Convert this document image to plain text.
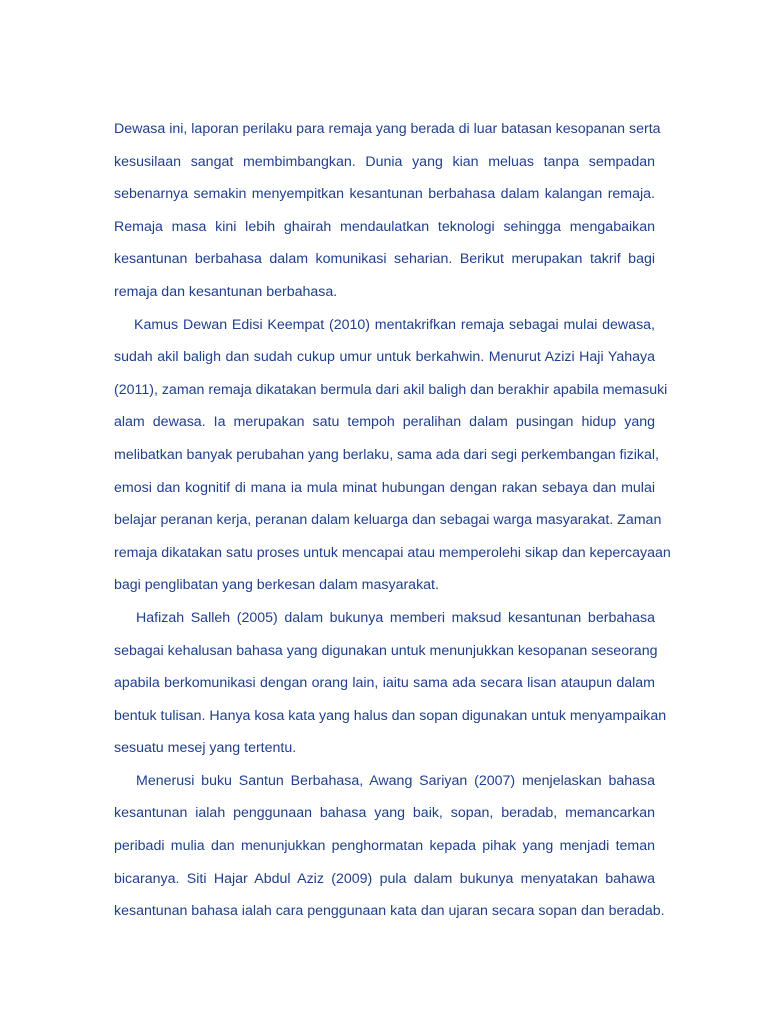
Dewasa ini, laporan perilaku para remaja yang berada di luar batasan kesopanan serta
kesusilaan sangat membimbangkan. Dunia yang kian meluas tanpa sempadan
sebenarnya semakin menyempitkan kesantunan berbahasa dalam kalangan remaja.
Remaja masa kini lebih ghairah mendaulatkan teknologi sehingga mengabaikan
kesantunan berbahasa dalam komunikasi seharian. Berikut merupakan takrif bagi
remaja dan kesantunan berbahasa.
Kamus Dewan Edisi Keempat (2010) mentakrifkan remaja sebagai mulai dewasa,
sudah akil baligh dan sudah cukup umur untuk berkahwin. Menurut Azizi Haji Yahaya
(2011), zaman remaja dikatakan bermula dari akil baligh dan berakhir apabila memasuki
alam dewasa. Ia merupakan satu tempoh peralihan dalam pusingan hidup yang
melibatkan banyak perubahan yang berlaku, sama ada dari segi perkembangan fizikal,
emosi dan kognitif di mana ia mula minat hubungan dengan rakan sebaya dan mulai
belajar peranan kerja, peranan dalam keluarga dan sebagai warga masyarakat. Zaman
remaja dikatakan satu proses untuk mencapai atau memperolehi sikap dan kepercayaan
bagi penglibatan yang berkesan dalam masyarakat.
Hafizah Salleh (2005) dalam bukunya memberi maksud kesantunan berbahasa
sebagai kehalusan bahasa yang digunakan untuk menunjukkan kesopanan seseorang
apabila berkomunikasi dengan orang lain, iaitu sama ada secara lisan ataupun dalam
bentuk tulisan. Hanya kosa kata yang halus dan sopan digunakan untuk menyampaikan
sesuatu mesej yang tertentu.
Menerusi buku Santun Berbahasa, Awang Sariyan (2007) menjelaskan bahasa
kesantunan ialah penggunaan bahasa yang baik, sopan, beradab, memancarkan
peribadi mulia dan menunjukkan penghormatan kepada pihak yang menjadi teman
bicaranya. Siti Hajar Abdul Aziz (2009) pula dalam bukunya menyatakan bahawa
kesantunan bahasa ialah cara penggunaan kata dan ujaran secara sopan dan beradab.
